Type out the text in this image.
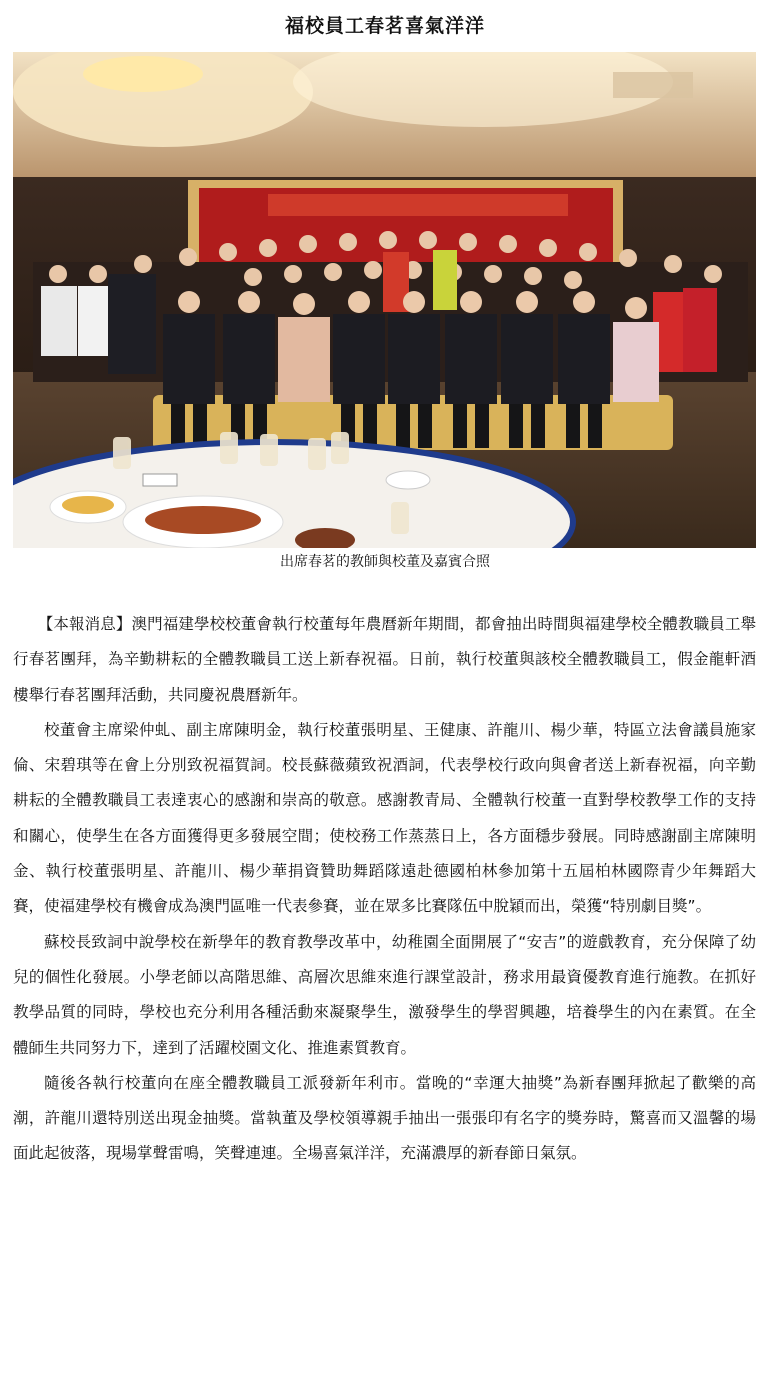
福校員工春茗喜氣洋洋
出席春茗的教師與校董及嘉賓合照

【本報消息】澳門福建學校校董會執行校董每年農曆新年期間，都會抽出時間與福建學校全體教職員工舉行春茗團拜，為辛勤耕耘的全體教職員工送上新春祝福。日前，執行校董與該校全體教職員工，假金龍軒酒樓舉行春茗團拜活動，共同慶祝農曆新年。

校董會主席梁仲虬、副主席陳明金，執行校董張明星、王健康、許龍川、楊少華，特區立法會議員施家倫、宋碧琪等在會上分別致祝福賀詞。校長蘇薇蘋致祝酒詞，代表學校行政向與會者送上新春祝福，向辛勤耕耘的全體教職員工表達衷心的感謝和崇高的敬意。感謝教青局、全體執行校董一直對學校教學工作的支持和關心，使學生在各方面獲得更多發展空間；使校務工作蒸蒸日上，各方面穩步發展。同時感謝副主席陳明金、執行校董張明星、許龍川、楊少華捐資贊助舞蹈隊遠赴德國柏林參加第十五屆柏林國際青少年舞蹈大賽，使福建學校有機會成為澳門區唯一代表參賽，並在眾多比賽隊伍中脫穎而出，榮獲“特別劇目獎”。

蘇校長致詞中說學校在新學年的教育教學改革中，幼稚園全面開展了“安吉”的遊戲教育，充分保障了幼兒的個性化發展。小學老師以高階思維、高層次思維來進行課堂設計，務求用最資優教育進行施教。在抓好教學品質的同時，學校也充分利用各種活動來凝聚學生，激發學生的學習興趣，培養學生的內在素質。在全體師生共同努力下，達到了活躍校園文化、推進素質教育。

隨後各執行校董向在座全體教職員工派發新年利市。當晚的“幸運大抽獎”為新春團拜掀起了歡樂的高潮，許龍川還特別送出現金抽獎。當執董及學校領導親手抽出一張張印有名字的獎券時，驚喜而又溫馨的場面此起彼落，現場掌聲雷鳴，笑聲連連。全場喜氣洋洋，充滿濃厚的新春節日氣氛。
